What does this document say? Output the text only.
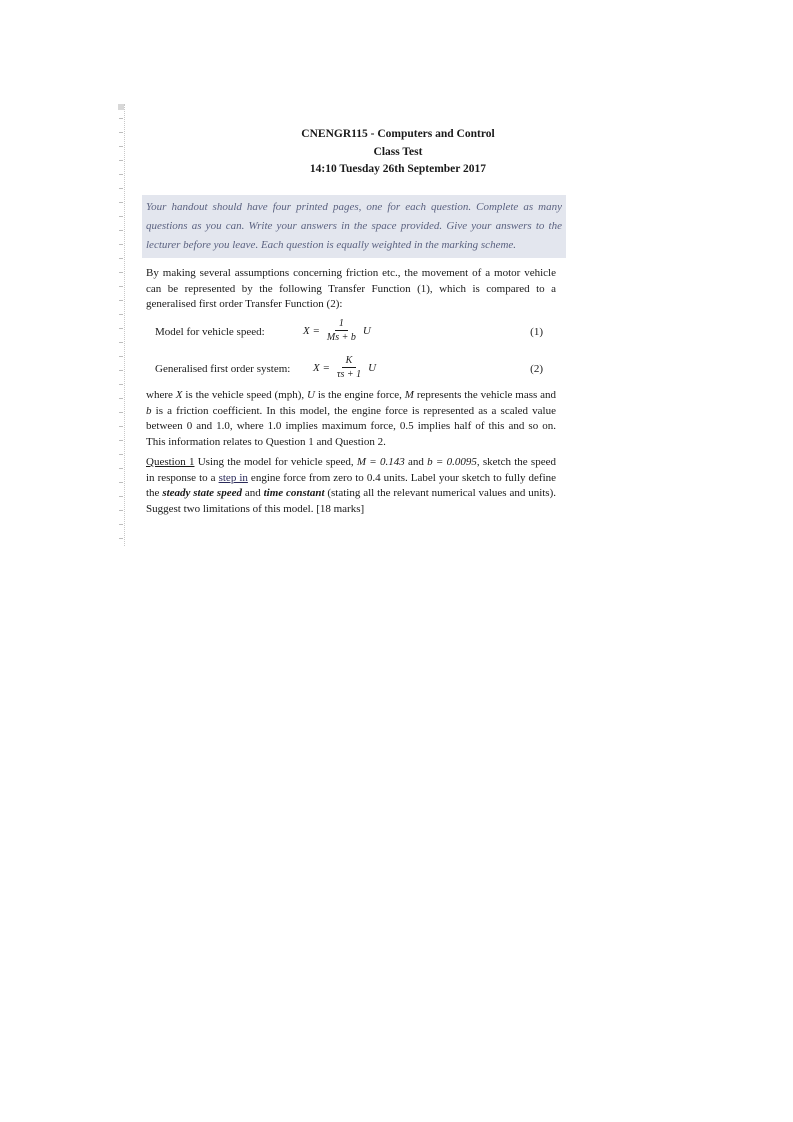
CNENGR115 - Computers and Control

Class Test

14:10 Tuesday 26th September 2017

Your handout should have four printed pages, one for each question. Complete as many questions as you can. Write your answers in the space provided. Give your answers to the lecturer before you leave. Each question is equally weighted in the marking scheme.

By making several assumptions concerning friction etc., the movement of a motor vehicle can be represented by the following Transfer Function (1), which is compared to a generalised first order Transfer Function (2):

Model for vehicle speed:	$X = \frac{1}{Ms + b}$ U	(1)
Generalised first order system: $X = \frac{K}{\tau s + 1}$ U	(2)

where X is the vehicle speed (mph), U is the engine force, M represents the vehicle mass and b is a friction coefficient. In this model, the engine force is represented as a scaled value between 0 and 1.0, where 1.0 implies maximum force, 0.5 implies half of this and so on. This information relates to Question 1 and Question 2.

Question 1 Using the model for vehicle speed, M = 0.143 and b = 0.0095, sketch the speed in response to a step in engine force from zero to 0.4 units. Label your sketch to fully define the steady state speed and time constant (stating all the relevant numerical values and units). Suggest two limitations of this model. [18 marks]
